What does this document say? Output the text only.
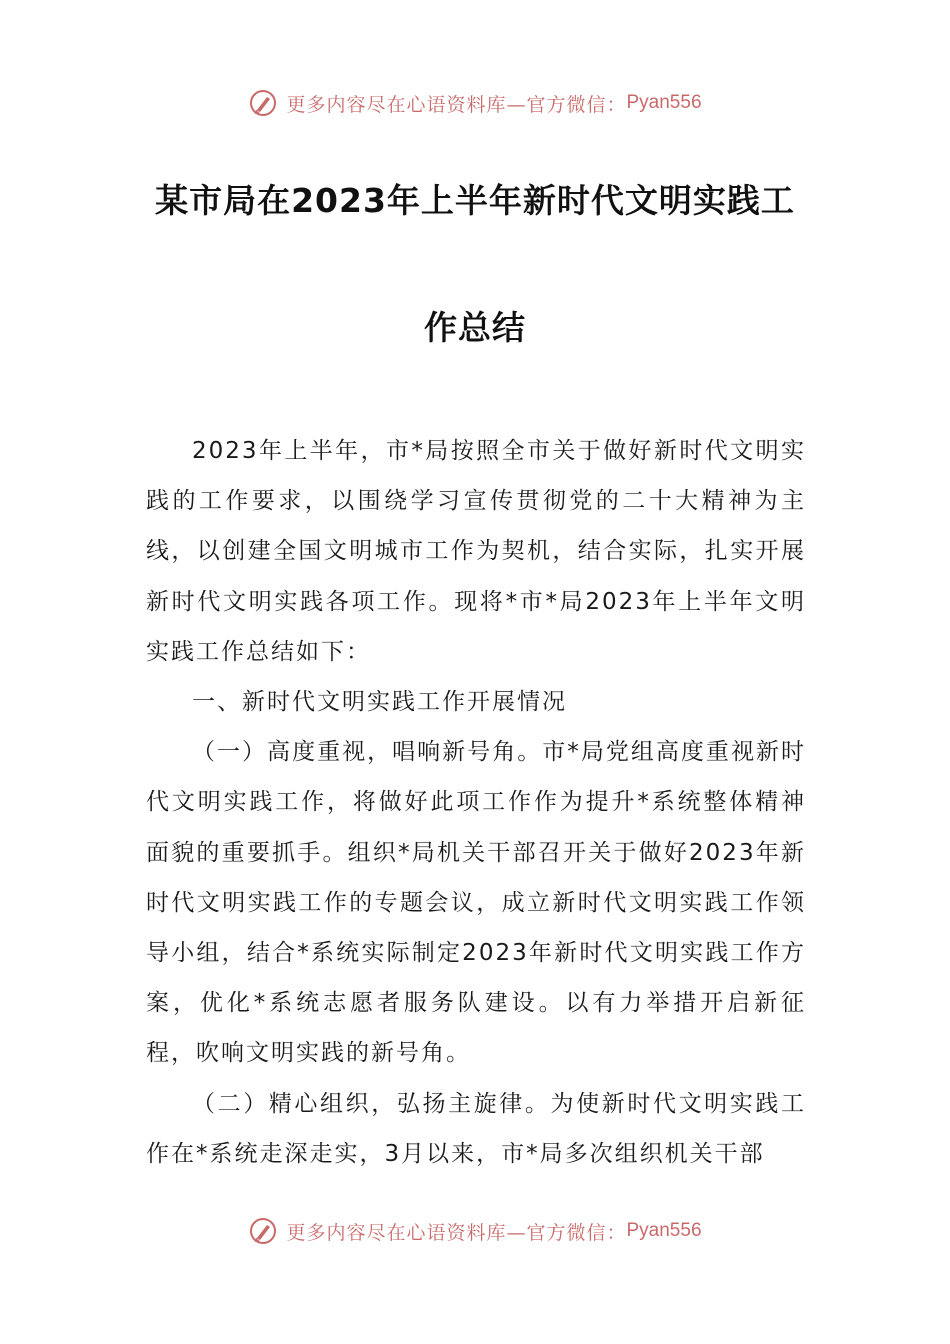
更多内容尽在心语资料库—官方微信： Pyan556
某市局在2023年上半年新时代文明实践工
作总结

2023年上半年，市*局按照全市关于做好新时代文明实践的工作要求，以围绕学习宣传贯彻党的二十大精神为主线，以创建全国文明城市工作为契机，结合实际，扎实开展新时代文明实践各项工作。现将*市*局2023年上半年文明实践工作总结如下：

一、新时代文明实践工作开展情况

（一）高度重视，唱响新号角。市*局党组高度重视新时代文明实践工作，将做好此项工作作为提升*系统整体精神面貌的重要抓手。组织*局机关干部召开关于做好2023年新时代文明实践工作的专题会议，成立新时代文明实践工作领导小组，结合*系统实际制定2023年新时代文明实践工作方案，优化*系统志愿者服务队建设。以有力举措开启新征程，吹响文明实践的新号角。

（二）精心组织，弘扬主旋律。为使新时代文明实践工作在*系统走深走实，3月以来，市*局多次组织机关干部

更多内容尽在心语资料库—官方微信： Pyan556
